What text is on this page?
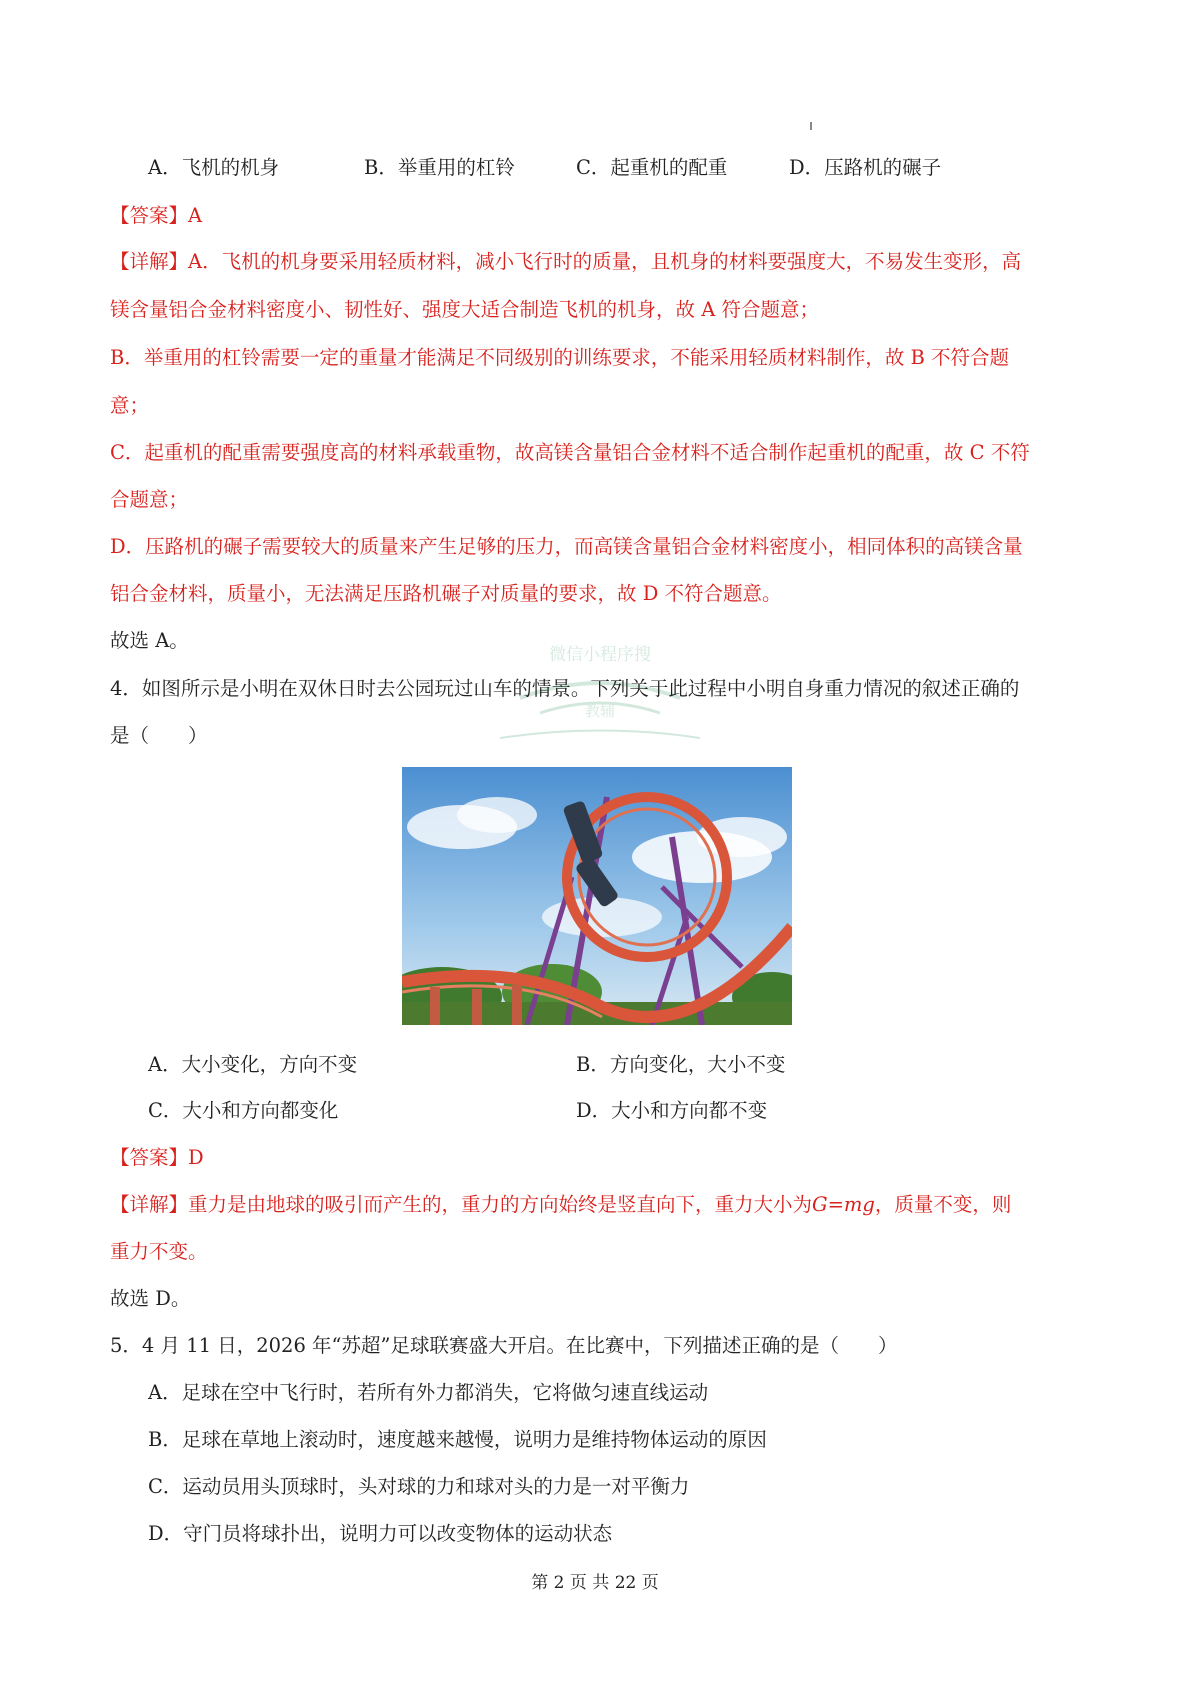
A．飞机的机身	B．举重用的杠铃	C．起重机的配重	D．压路机的碾子
【答案】A
【详解】A．飞机的机身要采用轻质材料，减小飞行时的质量，且机身的材料要强度大，不易发生变形，高
镁含量铝合金材料密度小、韧性好、强度大适合制造飞机的机身，故 A 符合题意；
B．举重用的杠铃需要一定的重量才能满足不同级别的训练要求，不能采用轻质材料制作，故 B 不符合题
意；
C．起重机的配重需要强度高的材料承载重物，故高镁含量铝合金材料不适合制作起重机的配重，故 C 不符
合题意；
D．压路机的碾子需要较大的质量来产生足够的压力，而高镁含量铝合金材料密度小，相同体积的高镁含量
铝合金材料，质量小，无法满足压路机碾子对质量的要求，故 D 不符合题意。
故选 A。
微信小程序搜
教辅
4．如图所示是小明在双休日时去公园玩过山车的情景。下列关于此过程中小明自身重力情况的叙述正确的
是（　　）
A．大小变化，方向不变	B．方向变化，大小不变
C．大小和方向都变化	D．大小和方向都不变
【答案】D
【详解】重力是由地球的吸引而产生的，重力的方向始终是竖直向下，重力大小为G=mg，质量不变，则
重力不变。
故选 D。
5．4 月 11 日，2026 年“苏超”足球联赛盛大开启。在比赛中，下列描述正确的是（　　）
A．足球在空中飞行时，若所有外力都消失，它将做匀速直线运动
B．足球在草地上滚动时，速度越来越慢，说明力是维持物体运动的原因
C．运动员用头顶球时，头对球的力和球对头的力是一对平衡力
D．守门员将球扑出，说明力可以改变物体的运动状态
第 2 页 共 22 页
